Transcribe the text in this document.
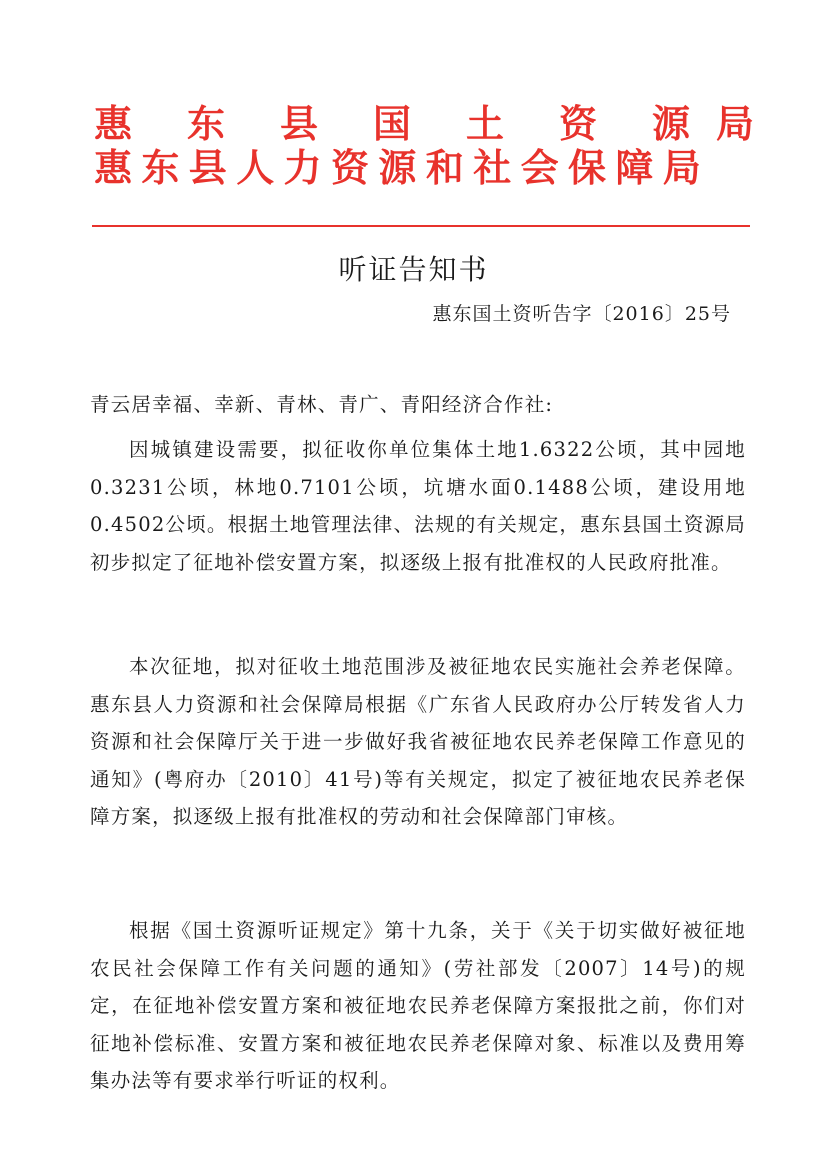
惠 东 县 国 土 资 源 局
惠东县人力资源和社会保障局
听证告知书
惠东国土资听告字〔2016〕25号
青云居幸福、幸新、青林、青广、青阳经济合作社:
因城镇建设需要，拟征收你单位集体土地1.6322公顷，其中园地0.3231公顷，林地0.7101公顷，坑塘水面0.1488公顷，建设用地0.4502公顷。根据土地管理法律、法规的有关规定，惠东县国土资源局初步拟定了征地补偿安置方案，拟逐级上报有批准权的人民政府批准。
本次征地，拟对征收土地范围涉及被征地农民实施社会养老保障。惠东县人力资源和社会保障局根据《广东省人民政府办公厅转发省人力资源和社会保障厅关于进一步做好我省被征地农民养老保障工作意见的通知》(粤府办〔2010〕41号)等有关规定，拟定了被征地农民养老保障方案，拟逐级上报有批准权的劳动和社会保障部门审核。
根据《国土资源听证规定》第十九条，关于《关于切实做好被征地农民社会保障工作有关问题的通知》(劳社部发〔2007〕14号)的规定，在征地补偿安置方案和被征地农民养老保障方案报批之前，你们对征地补偿标准、安置方案和被征地农民养老保障对象、标准以及费用筹集办法等有要求举行听证的权利。
